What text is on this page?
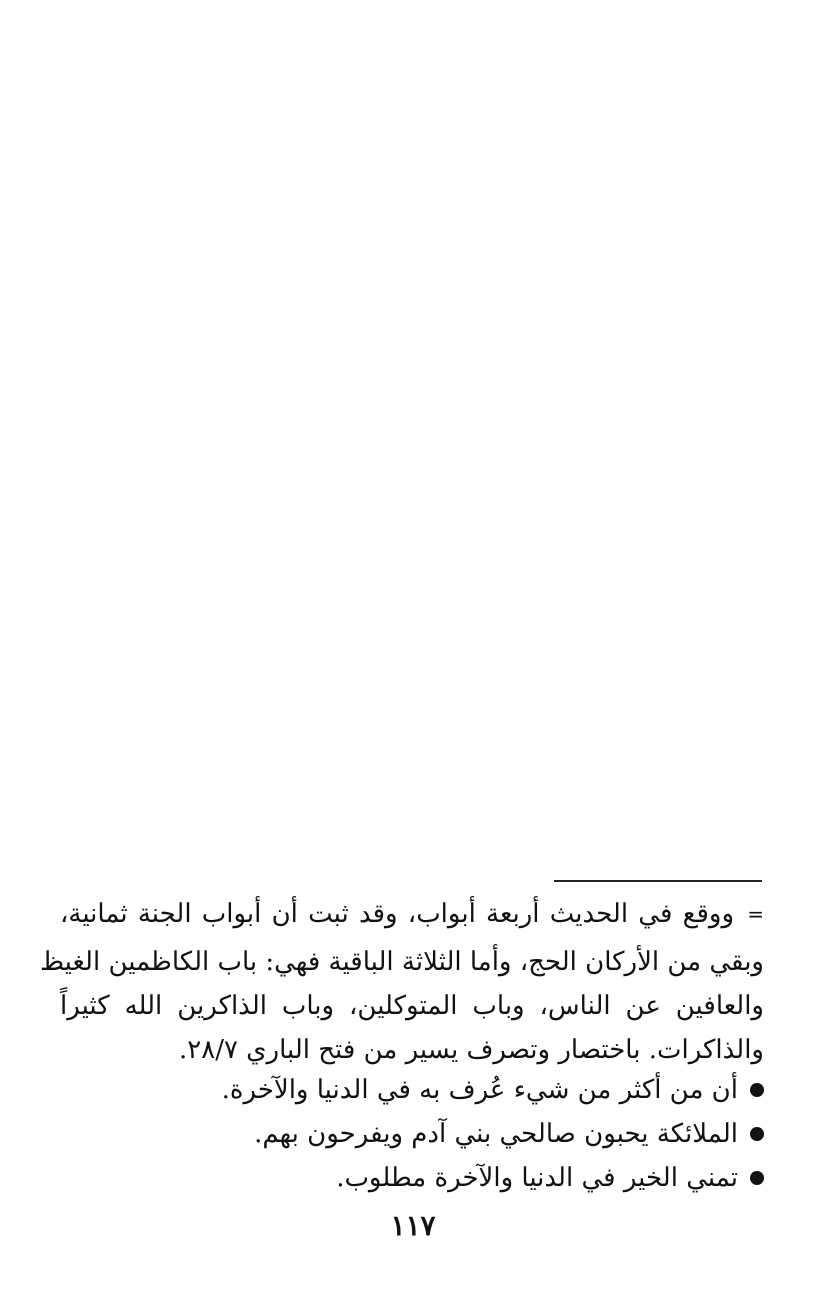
=
ووقع في الحديث أربعة أبواب، وقد ثبت أن أبواب الجنة ثمانية،
وبقي من الأركان الحج، وأما الثلاثة الباقية فهي: باب الكاظمين الغيظ
والعافين عن الناس، وباب المتوكلين، وباب الذاكرين الله كثيراً
والذاكرات. باختصار وتصرف يسير من فتح الباري ٢٨/٧.
أن من أكثر من شيء عُرف به في الدنيا والآخرة.
الملائكة يحبون صالحي بني آدم ويفرحون بهم.
تمني الخير في الدنيا والآخرة مطلوب.
١١٧
